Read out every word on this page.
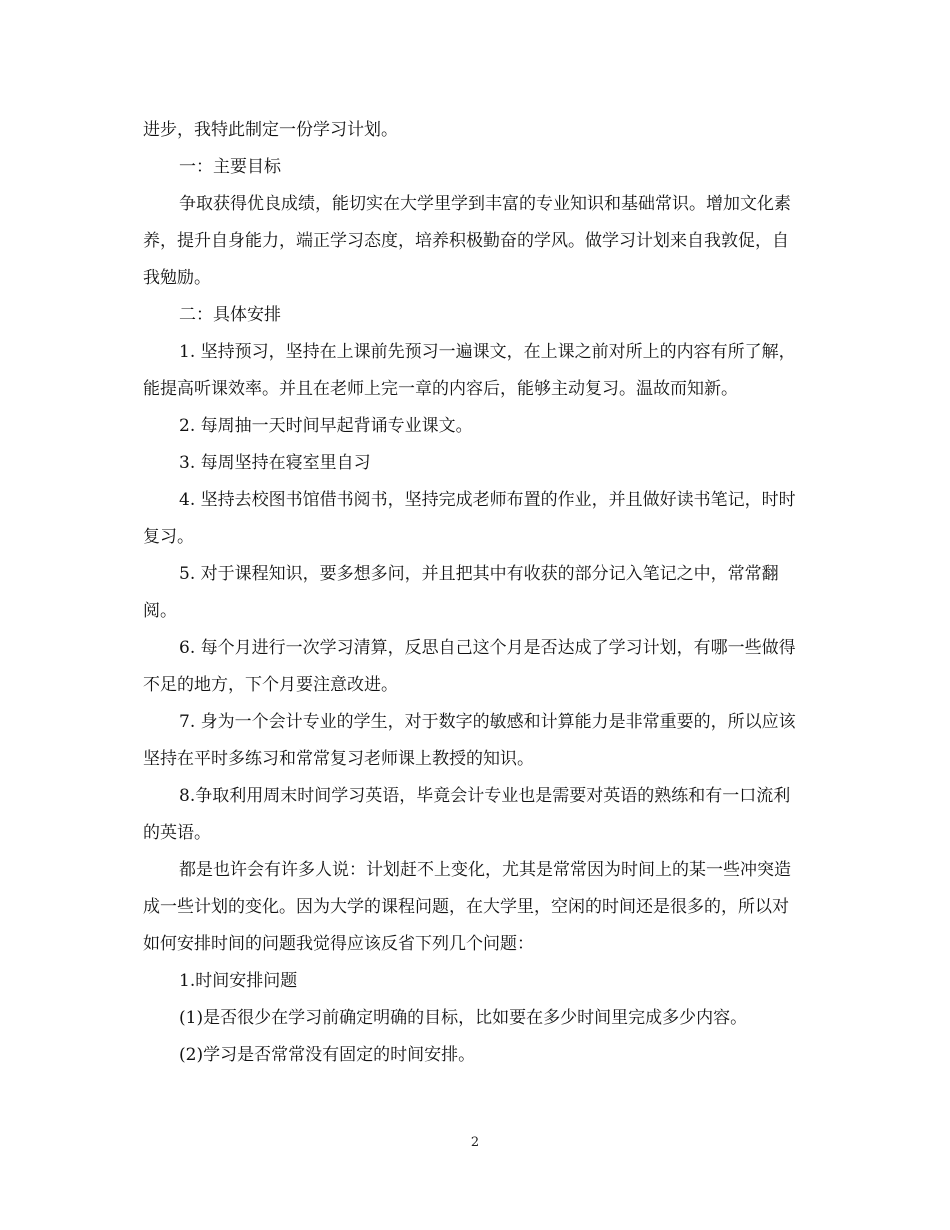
进步，我特此制定一份学习计划。

一：主要目标

争取获得优良成绩，能切实在大学里学到丰富的专业知识和基础常识。增加文化素养，提升自身能力，端正学习态度，培养积极勤奋的学风。做学习计划来自我敦促，自我勉励。

二：具体安排

1. 坚持预习，坚持在上课前先预习一遍课文，在上课之前对所上的内容有所了解，能提高听课效率。并且在老师上完一章的内容后，能够主动复习。温故而知新。

2. 每周抽一天时间早起背诵专业课文。

3. 每周坚持在寝室里自习

4. 坚持去校图书馆借书阅书，坚持完成老师布置的作业，并且做好读书笔记，时时复习。

5. 对于课程知识，要多想多问，并且把其中有收获的部分记入笔记之中，常常翻阅。

6. 每个月进行一次学习清算，反思自己这个月是否达成了学习计划，有哪一些做得不足的地方，下个月要注意改进。

7. 身为一个会计专业的学生，对于数字的敏感和计算能力是非常重要的，所以应该坚持在平时多练习和常常复习老师课上教授的知识。

8.争取利用周末时间学习英语，毕竟会计专业也是需要对英语的熟练和有一口流利的英语。

都是也许会有许多人说：计划赶不上变化，尤其是常常因为时间上的某一些冲突造成一些计划的变化。因为大学的课程问题，在大学里，空闲的时间还是很多的，所以对如何安排时间的问题我觉得应该反省下列几个问题：

1.时间安排问题

(1)是否很少在学习前确定明确的目标，比如要在多少时间里完成多少内容。

(2)学习是否常常没有固定的时间安排。

2
